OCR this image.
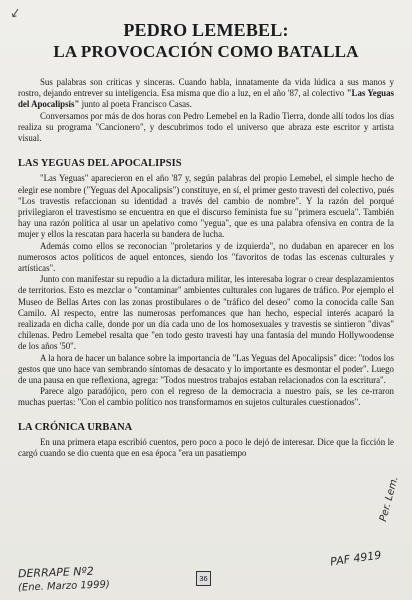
↙
PEDRO LEMEBEL:
LA PROVOCACIÓN COMO BATALLA

Sus palabras son críticas y sinceras. Cuando habla, innatamente da vida lúdica a sus manos y rostro, dejando entrever su inteligencia. Esa misma que dio a luz, en el año '87, al colectivo "Las Yeguas del Apocalipsis" junto al poeta Francisco Casas.

Conversamos por más de dos horas con Pedro Lemebel en la Radio Tierra, donde allí todos los días realiza su programa "Cancionero", y descubrimos todo el universo que abraza este escritor y artista visual.

LAS YEGUAS DEL APOCALIPSIS

"Las Yeguas" aparecieron en el año '87 y, según palabras del propio Lemebel, el simple hecho de elegir ese nombre ("Yeguas del Apocalipsis") constituye, en sí, el primer gesto travesti del colectivo, pués "Los travestis refaccionan su identidad a través del cambio de nombre". Y la razón del porqué privilegiaron el travestismo se encuentra en que el discurso feminista fue su "primera escuela". También hay una razón política al usar un apelativo como "yegua", que es una palabra ofensiva en contra de la mujer y ellos la rescatan para hacerla su bandera de lucha.

Además como ellos se reconocían "proletarios y de izquierda", no dudaban en aparecer en los numerosos actos políticos de aquel entonces, siendo los "favoritos de todas las escenas culturales y artísticas".

Junto con manifestar su repudio a la dictadura militar, les interesaba lograr o crear desplazamientos de territorios. Esto es mezclar o "contaminar" ambientes culturales con lugares de tráfico. Por ejemplo el Museo de Bellas Artes con las zonas prostibulares o de "tráfico del deseo" como la conocida calle San Camilo. Al respecto, entre las numerosas perfomances que han hecho, especial interés acaparó la realizada en dicha calle, donde por un día cada uno de los homosexuales y travestis se sintieron "divas" chilenas. Pedro Lemebel resalta que "en todo gesto travesti hay una fantasía del mundo Hollywoodense de los años '50".

A la hora de hacer un balance sobre la importancia de "Las Yeguas del Apocalipsis" dice: "todos los gestos que uno hace van sembrando síntomas de desacato y lo importante es desmontar el poder". Luego de una pausa en que reflexiona, agrega: "Todos nuestros trabajos estaban relacionados con la escritura".

Parece algo paradójico, pero con el regreso de la democracia a nuestro país, se les ce-rraron muchas puertas: "Con el cambio político nos transformamos en sujetos culturales cuestionados".

LA CRÓNICA URBANA

En una primera etapa escribió cuentos, pero poco a poco le dejó de interesar. Dice que la ficción le cargó cuando se dio cuenta que en esa época "era un pasatiempo

36
DERRAPE Nº2
(Ene. Marzo 1999)
PAF 4919
Per. Lem.
